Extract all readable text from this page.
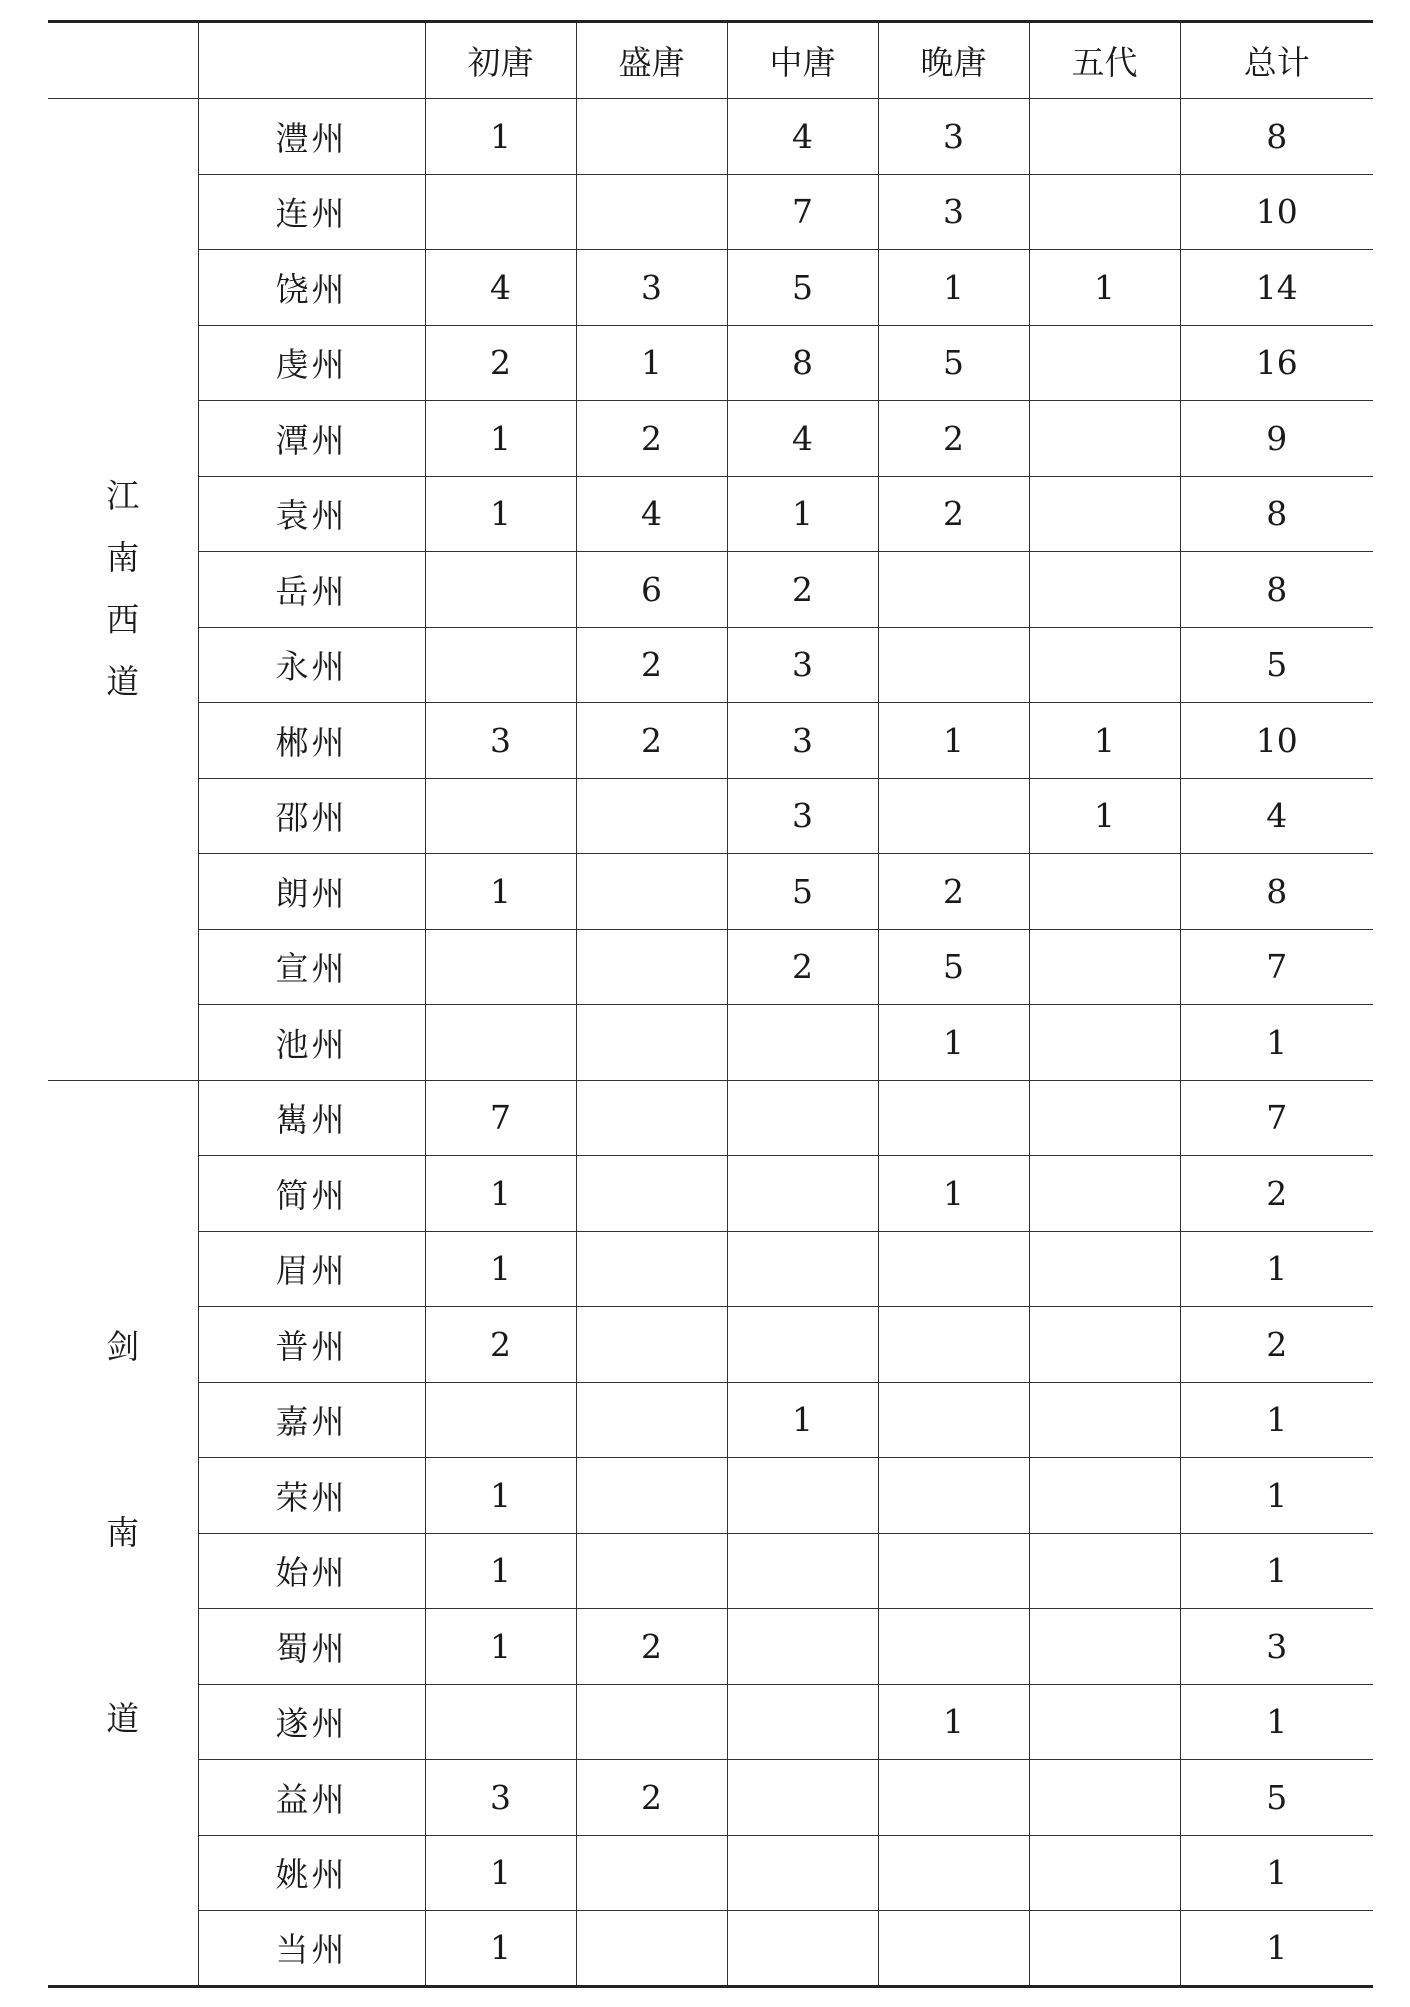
		初唐	盛唐	中唐	晚唐	五代	总计

江
南
西
道	澧州	1		4	3		8
	连州			7	3		10
	饶州	4	3	5	1	1	14
	虔州	2	1	8	5		16
	潭州	1	2	4	2		9
	袁州	1	4	1	2		8
	岳州		6	2			8
	永州		2	3			5
	郴州	3	2	3	1	1	10
	邵州			3		1	4
	朗州	1		5	2		8
	宣州			2	5		7
	池州				1		1

剑
南
道	嶲州	7					7
	简州	1			1		2
	眉州	1					1
	普州	2					2
	嘉州			1			1
	荣州	1					1
	始州	1					1
	蜀州	1	2				3
	遂州				1		1
	益州	3	2				5
	姚州	1					1
	当州	1					1
